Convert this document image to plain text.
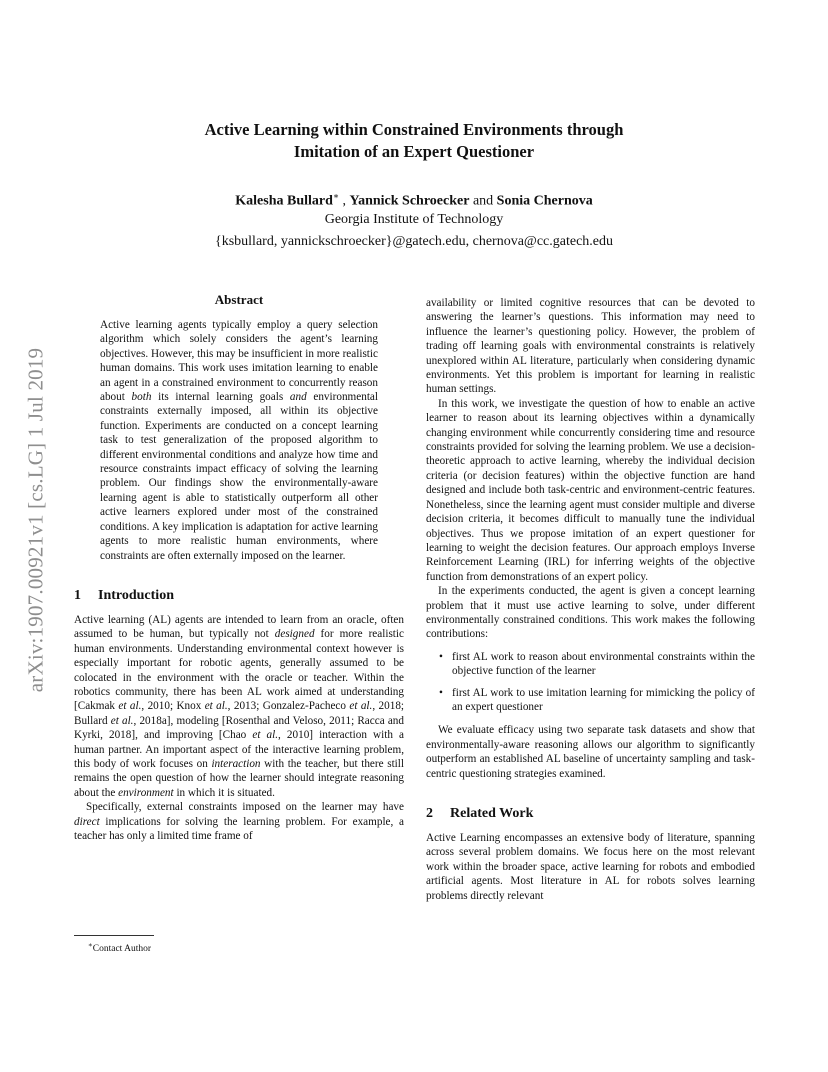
Active Learning within Constrained Environments through
Imitation of an Expert Questioner
Kalesha Bullard∗ , Yannick Schroecker and Sonia Chernova
Georgia Institute of Technology
{ksbullard, yannickschroecker}@gatech.edu, chernova@cc.gatech.edu
arXiv:1907.00921v1 [cs.LG] 1 Jul 2019
Abstract

Active learning agents typically employ a query selection algorithm which solely considers the agent’s learning objectives. However, this may be insufficient in more realistic human domains. This work uses imitation learning to enable an agent in a constrained environment to concurrently reason about both its internal learning goals and environmental constraints externally imposed, all within its objective function. Experiments are conducted on a concept learning task to test generalization of the proposed algorithm to different environmental conditions and analyze how time and resource constraints impact efficacy of solving the learning problem. Our findings show the environmentally-aware learning agent is able to statistically outperform all other active learners explored under most of the constrained conditions. A key implication is adaptation for active learning agents to more realistic human environments, where constraints are often externally imposed on the learner.

1 Introduction

Active learning (AL) agents are intended to learn from an oracle, often assumed to be human, but typically not designed for more realistic human environments. Understanding environmental context however is especially important for robotic agents, generally assumed to be colocated in the environment with the oracle or teacher. Within the robotics community, there has been AL work aimed at understanding [Cakmak et al., 2010; Knox et al., 2013; Gonzalez-Pacheco et al., 2018; Bullard et al., 2018a], modeling [Rosenthal and Veloso, 2011; Racca and Kyrki, 2018], and improving [Chao et al., 2010] interaction with a human partner. An important aspect of the interactive learning problem, this body of work focuses on interaction with the teacher, but there still remains the open question of how the learner should integrate reasoning about the environment in which it is situated.

Specifically, external constraints imposed on the learner may have direct implications for solving the learning problem. For example, a teacher has only a limited time frame of

∗Contact Author

availability or limited cognitive resources that can be devoted to answering the learner’s questions. This information may need to influence the learner’s questioning policy. However, the problem of trading off learning goals with environmental constraints is relatively unexplored within AL literature, particularly when considering dynamic environments. Yet this problem is important for learning in realistic human settings.

In this work, we investigate the question of how to enable an active learner to reason about its learning objectives within a dynamically changing environment while concurrently considering time and resource constraints provided for solving the learning problem. We use a decision-theoretic approach to active learning, whereby the individual decision criteria (or decision features) within the objective function are hand designed and include both task-centric and environment-centric features. Nonetheless, since the learning agent must consider multiple and diverse decision criteria, it becomes difficult to manually tune the individual objectives. Thus we propose imitation of an expert questioner for learning to weight the decision features. Our approach employs Inverse Reinforcement Learning (IRL) for inferring weights of the objective function from demonstrations of an expert policy.

In the experiments conducted, the agent is given a concept learning problem that it must use active learning to solve, under different environmentally constrained conditions. This work makes the following contributions:

• first AL work to reason about environmental constraints within the objective function of the learner
• first AL work to use imitation learning for mimicking the policy of an expert questioner

We evaluate efficacy using two separate task datasets and show that environmentally-aware reasoning allows our algorithm to significantly outperform an established AL baseline of uncertainty sampling and task-centric questioning strategies examined.

2 Related Work

Active Learning encompasses an extensive body of literature, spanning across several problem domains. We focus here on the most relevant work within the broader space, active learning for robots and embodied artificial agents. Most literature in AL for robots solves learning problems directly relevant
